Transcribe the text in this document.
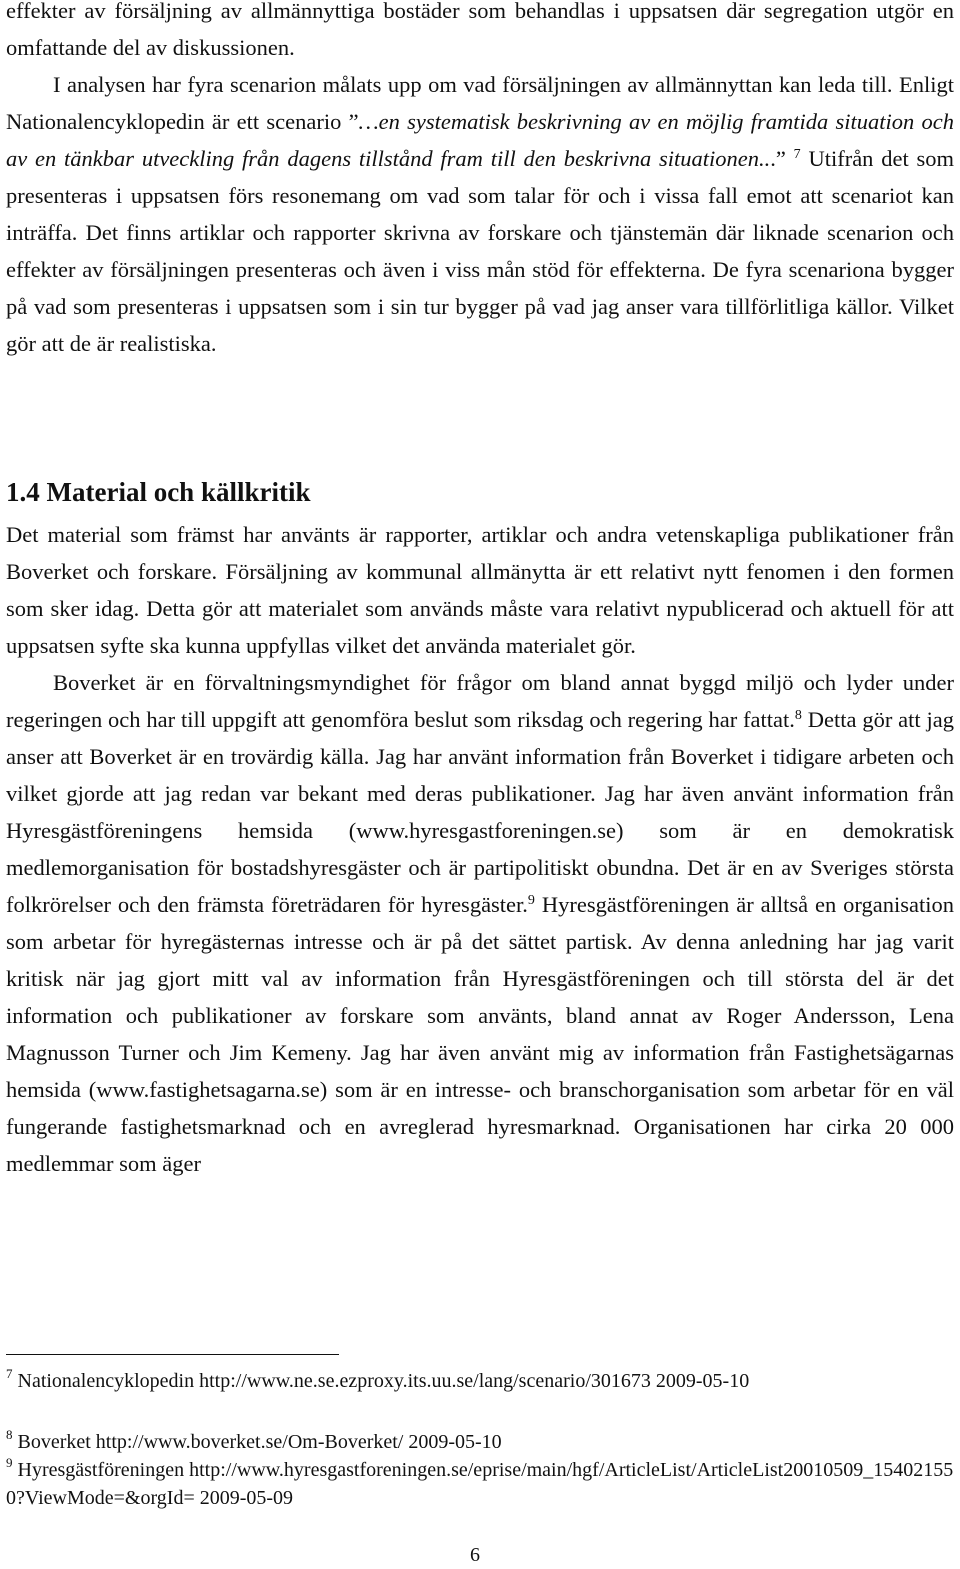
effekter av försäljning av allmännyttiga bostäder som behandlas i uppsatsen där segregation utgör en omfattande del av diskussionen.
I analysen har fyra scenarion målats upp om vad försäljningen av allmännyttan kan leda till. Enligt Nationalencyklopedin är ett scenario ”…en systematisk beskrivning av en möjlig framtida situation och av en tänkbar utveckling från dagens tillstånd fram till den beskrivna situationen...” $^7$ Utifrån det som presenteras i uppsatsen förs resonemang om vad som talar för och i vissa fall emot att scenariot kan inträffa. Det finns artiklar och rapporter skrivna av forskare och tjänstemän där liknade scenarion och effekter av försäljningen presenteras och även i viss mån stöd för effekterna. De fyra scenariona bygger på vad som presenteras i uppsatsen som i sin tur bygger på vad jag anser vara tillförlitliga källor. Vilket gör att de är realistiska.

1.4 Material och källkritik

Det material som främst har använts är rapporter, artiklar och andra vetenskapliga publikationer från Boverket och forskare. Försäljning av kommunal allmänytta är ett relativt nytt fenomen i den formen som sker idag. Detta gör att materialet som används måste vara relativt nypublicerad och aktuell för att uppsatsen syfte ska kunna uppfyllas vilket det använda materialet gör.
Boverket är en förvaltningsmyndighet för frågor om bland annat byggd miljö och lyder under regeringen och har till uppgift att genomföra beslut som riksdag och regering har fattat.$^8$ Detta gör att jag anser att Boverket är en trovärdig källa. Jag har använt information från Boverket i tidigare arbeten och vilket gjorde att jag redan var bekant med deras publikationer. Jag har även använt information från Hyresgästföreningens hemsida (www.hyresgastforeningen.se) som är en demokratisk medlemorganisation för bostadshyresgäster och är partipolitiskt obundna. Det är en av Sveriges största folkrörelser och den främsta företrädaren för hyresgäster.$^9$ Hyresgästföreningen är alltså en organisation som arbetar för hyregästernas intresse och är på det sättet partisk. Av denna anledning har jag varit kritisk när jag gjort mitt val av information från Hyresgästföreningen och till största del är det information och publikationer av forskare som använts, bland annat av Roger Andersson, Lena Magnusson Turner och Jim Kemeny. Jag har även använt mig av information från Fastighetsägarnas hemsida (www.fastighetsagarna.se) som är en intresse- och branschorganisation som arbetar för en väl fungerande fastighetsmarknad och en avreglerad hyresmarknad. Organisationen har cirka 20 000 medlemmar som äger

$^7$ Nationalencyklopedin http://www.ne.se.ezproxy.its.uu.se/lang/scenario/301673 2009-05-10

$^8$ Boverket http://www.boverket.se/Om-Boverket/ 2009-05-10

$^9$ Hyresgästföreningen http://www.hyresgastforeningen.se/eprise/main/hgf/ArticleList/ArticleList20010509_154021550?ViewMode=&orgId= 2009-05-09

6
